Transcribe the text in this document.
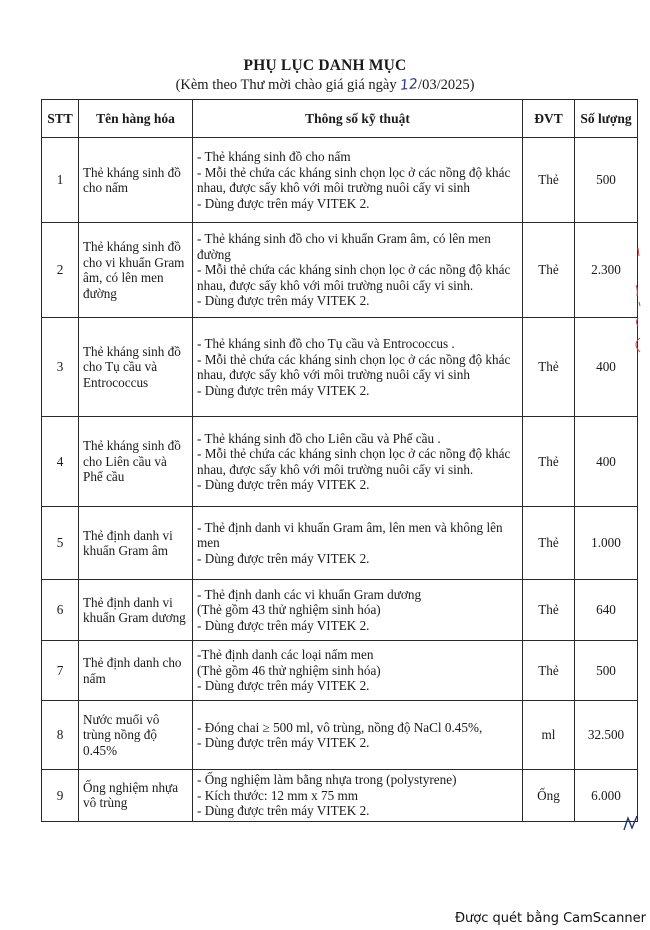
PHỤ LỤC DANH MỤC
(Kèm theo Thư mời chào giá giá ngày 12/03/2025)
STT	Tên hàng hóa	Thông số kỹ thuật	ĐVT	Số lượng
1	Thẻ kháng sinh đồ cho nấm	- Thẻ kháng sinh đồ cho nấm
- Mỗi thẻ chứa các kháng sinh chọn lọc ở các nồng độ khác nhau, được sấy khô với môi trường nuôi cấy vi sinh
- Dùng được trên máy VITEK 2.	Thẻ	500
2	Thẻ kháng sinh đồ cho vi khuẩn Gram âm, có lên men đường	- Thẻ kháng sinh đồ cho vi khuẩn Gram âm, có lên men đường
- Mỗi thẻ chứa các kháng sinh chọn lọc ở các nồng độ khác nhau, được sấy khô với môi trường nuôi cấy vi sinh.
- Dùng được trên máy VITEK 2.	Thẻ	2.300
3	Thẻ kháng sinh đồ cho Tụ cầu và Entrococcus	- Thẻ kháng sinh đồ cho Tụ cầu và Entrococcus .
- Mỗi thẻ chứa các kháng sinh chọn lọc ở các nồng độ khác nhau, được sấy khô với môi trường nuôi cấy vi sinh
- Dùng được trên máy VITEK 2.	Thẻ	400
4	Thẻ kháng sinh đồ cho Liên cầu và Phế cầu	- Thẻ kháng sinh đồ cho Liên cầu và Phế cầu .
- Mỗi thẻ chứa các kháng sinh chọn lọc ở các nồng độ khác nhau, được sấy khô với môi trường nuôi cấy vi sinh.
- Dùng được trên máy VITEK 2.	Thẻ	400
5	Thẻ định danh vi khuẩn Gram âm	- Thẻ định danh vi khuẩn Gram âm, lên men và không lên men
- Dùng được trên máy VITEK 2.	Thẻ	1.000
6	Thẻ định danh vi khuẩn Gram dương	- Thẻ định danh các vi khuẩn Gram dương
(Thẻ gồm 43 thử nghiệm sinh hóa)
- Dùng được trên máy VITEK 2.	Thẻ	640
7	Thẻ định danh cho nấm	-Thẻ định danh các loại nấm men
(Thẻ gồm 46 thử nghiệm sinh hóa)
- Dùng được trên máy VITEK 2.	Thẻ	500
8	Nước muối vô trùng nồng độ 0.45%	- Đóng chai ≥ 500 ml, vô trùng, nồng độ NaCl 0.45%,
- Dùng được trên máy VITEK 2.	ml	32.500
9	Ống nghiệm nhựa vô trùng	- Ống nghiệm làm bằng nhựa trong (polystyrene)
- Kích thước: 12 mm x 75 mm
- Dùng được trên máy VITEK 2.	Ống	6.000
Được quét bằng CamScanner
